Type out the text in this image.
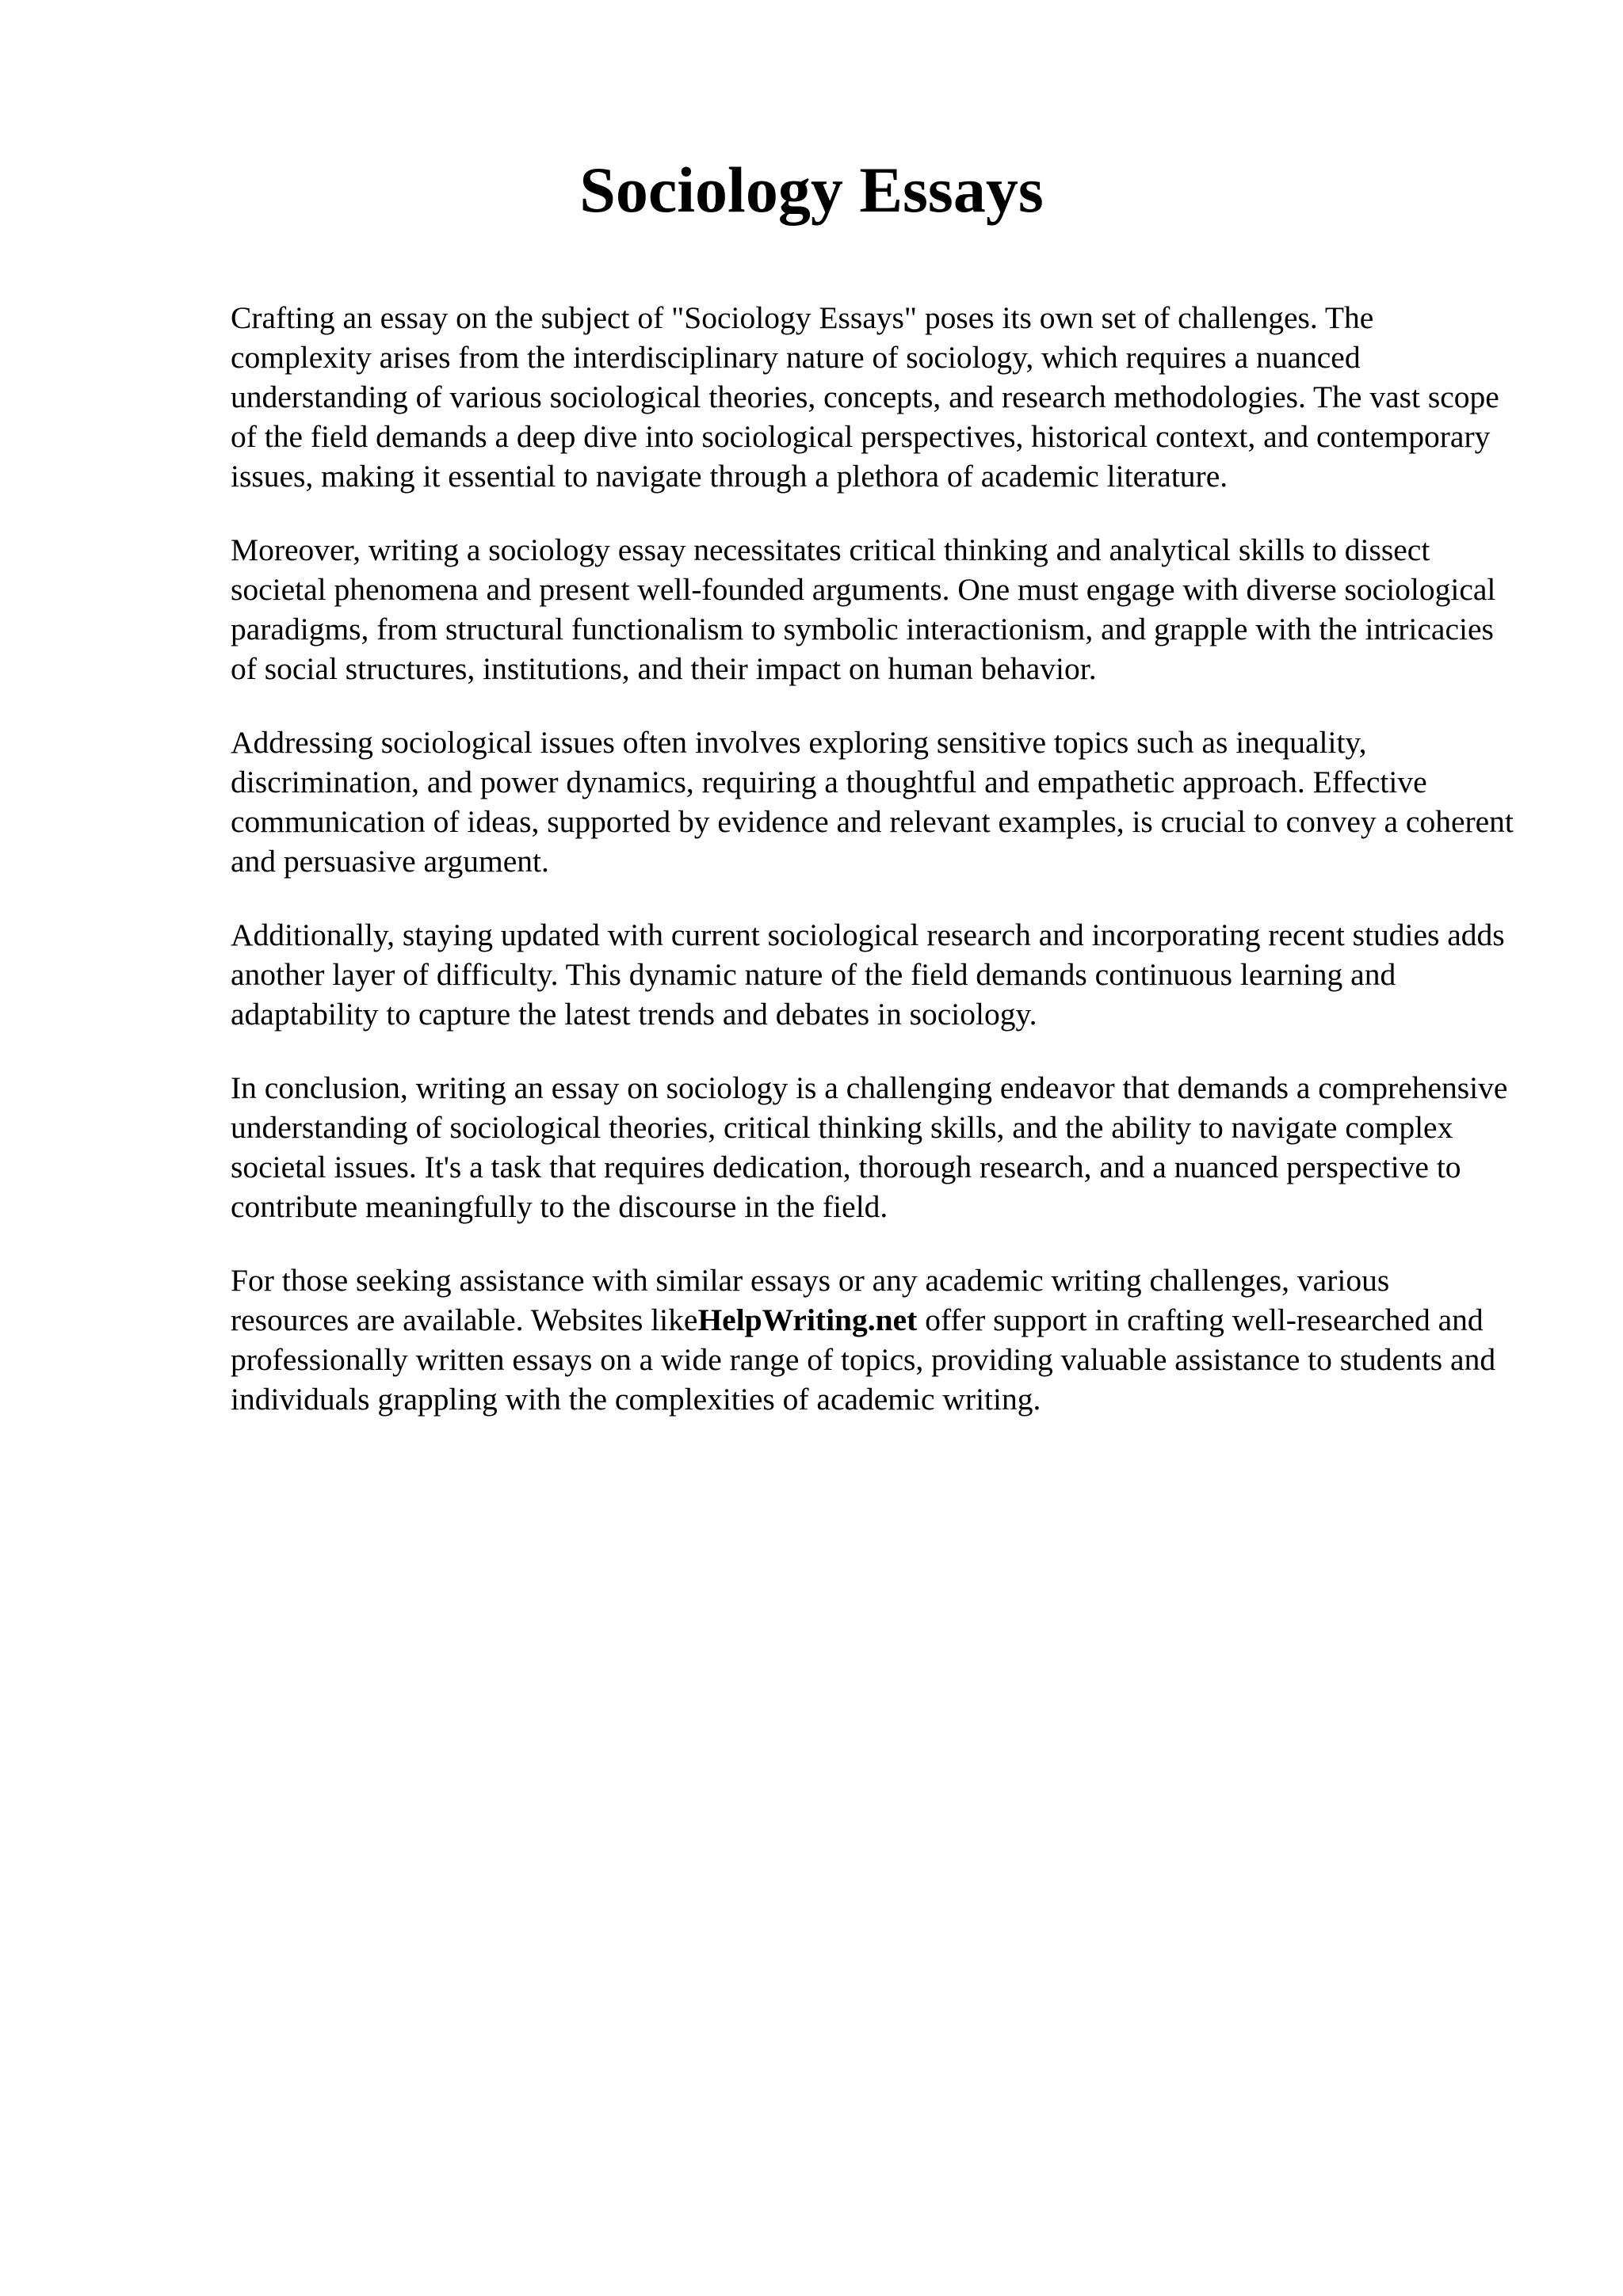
Sociology Essays

Crafting an essay on the subject of "Sociology Essays" poses its own set of challenges. The complexity arises from the interdisciplinary nature of sociology, which requires a nuanced understanding of various sociological theories, concepts, and research methodologies. The vast scope of the field demands a deep dive into sociological perspectives, historical context, and contemporary issues, making it essential to navigate through a plethora of academic literature.

Moreover, writing a sociology essay necessitates critical thinking and analytical skills to dissect societal phenomena and present well-founded arguments. One must engage with diverse sociological paradigms, from structural functionalism to symbolic interactionism, and grapple with the intricacies of social structures, institutions, and their impact on human behavior.

Addressing sociological issues often involves exploring sensitive topics such as inequality, discrimination, and power dynamics, requiring a thoughtful and empathetic approach. Effective communication of ideas, supported by evidence and relevant examples, is crucial to convey a coherent and persuasive argument.

Additionally, staying updated with current sociological research and incorporating recent studies adds another layer of difficulty. This dynamic nature of the field demands continuous learning and adaptability to capture the latest trends and debates in sociology.

In conclusion, writing an essay on sociology is a challenging endeavor that demands a comprehensive understanding of sociological theories, critical thinking skills, and the ability to navigate complex societal issues. It's a task that requires dedication, thorough research, and a nuanced perspective to contribute meaningfully to the discourse in the field.

For those seeking assistance with similar essays or any academic writing challenges, various resources are available. Websites likeHelpWriting.net offer support in crafting well-researched and professionally written essays on a wide range of topics, providing valuable assistance to students and individuals grappling with the complexities of academic writing.
